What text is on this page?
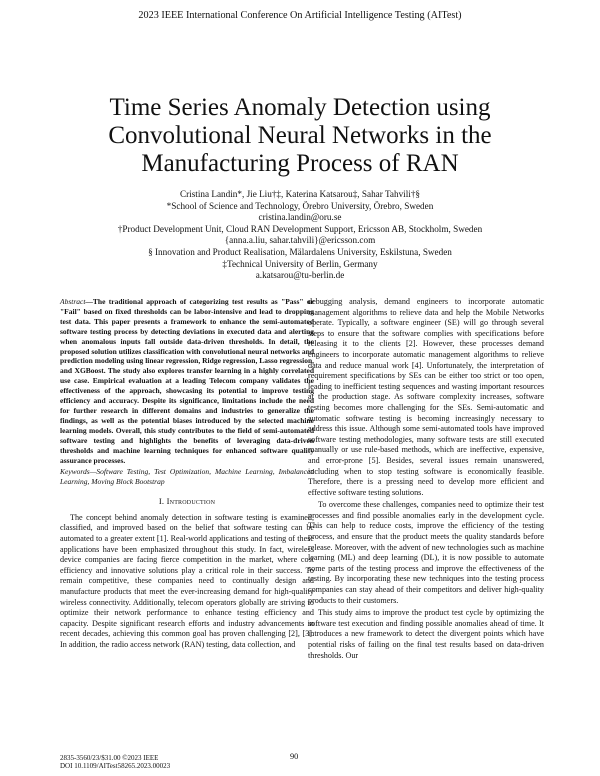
2023 IEEE International Conference On Artificial Intelligence Testing (AITest)
Time Series Anomaly Detection using Convolutional Neural Networks in the Manufacturing Process of RAN
Cristina Landin*, Jie Liu†‡, Katerina Katsarou‡, Sahar Tahvili†§
*School of Science and Technology, Örebro University, Örebro, Sweden
cristina.landin@oru.se
†Product Development Unit, Cloud RAN Development Support, Ericsson AB, Stockholm, Sweden
{anna.a.liu, sahar.tahvili}@ericsson.com
§ Innovation and Product Realisation, Mälardalens University, Eskilstuna, Sweden
‡Technical University of Berlin, Germany
a.katsarou@tu-berlin.de
Abstract—The traditional approach of categorizing test results as "Pass" or "Fail" based on fixed thresholds can be labor-intensive and lead to dropping test data. This paper presents a framework to enhance the semi-automated software testing process by detecting deviations in executed data and alerting when anomalous inputs fall outside data-driven thresholds. In detail, the proposed solution utilizes classification with convolutional neural networks and prediction modeling using linear regression, Ridge regression, Lasso regression, and XGBoost. The study also explores transfer learning in a highly correlated use case. Empirical evaluation at a leading Telecom company validates the effectiveness of the approach, showcasing its potential to improve testing efficiency and accuracy. Despite its significance, limitations include the need for further research in different domains and industries to generalize the findings, as well as the potential biases introduced by the selected machine learning models. Overall, this study contributes to the field of semi-automated software testing and highlights the benefits of leveraging data-driven thresholds and machine learning techniques for enhanced software quality assurance processes.
Keywords—Software Testing, Test Optimization, Machine Learning, Imbalanced Learning, Moving Block Bootstrap
I. Introduction

The concept behind anomaly detection in software testing is examined, classified, and improved based on the belief that software testing can be automated to a greater extent [1]. Real-world applications and testing of these applications have been emphasized throughout this study. In fact, wireless device companies are facing fierce competition in the market, where cost efficiency and innovative solutions play a critical role in their success. To remain competitive, these companies need to continually design and manufacture products that meet the ever-increasing demand for high-quality wireless connectivity. Additionally, telecom operators globally are striving to optimize their network performance to enhance testing efficiency and capacity. Despite significant research efforts and industry advancements in recent decades, achieving this common goal has proven challenging [2], [3]. In addition, the radio access network (RAN) testing, data collection, and

debugging analysis, demand engineers to incorporate automatic management algorithms to relieve data and help the Mobile Networks operate. Typically, a software engineer (SE) will go through several steps to ensure that the software complies with specifications before releasing it to the clients [2]. However, these processes demand engineers to incorporate automatic management algorithms to relieve data and reduce manual work [4]. Unfortunately, the interpretation of requirement specifications by SEs can be either too strict or too open, leading to inefficient testing sequences and wasting important resources at the production stage. As software complexity increases, software testing becomes more challenging for the SEs. Semi-automatic and automatic software testing is becoming increasingly necessary to address this issue. Although some semi-automated tools have improved software testing methodologies, many software tests are still executed manually or use rule-based methods, which are ineffective, expensive, and error-prone [5]. Besides, several issues remain unanswered, including when to stop testing software is economically feasible. Therefore, there is a pressing need to develop more efficient and effective software testing solutions.

To overcome these challenges, companies need to optimize their test processes and find possible anomalies early in the development cycle. This can help to reduce costs, improve the efficiency of the testing process, and ensure that the product meets the quality standards before release. Moreover, with the advent of new technologies such as machine learning (ML) and deep learning (DL), it is now possible to automate some parts of the testing process and improve the effectiveness of the testing. By incorporating these new techniques into the testing process companies can stay ahead of their competitors and deliver high-quality products to their customers.

This study aims to improve the product test cycle by optimizing the software test execution and finding possible anomalies ahead of time. It introduces a new framework to detect the divergent points which have potential risks of failing on the final test results based on data-driven thresholds. Our

2835-3560/23/$31.00 ©2023 IEEE
DOI 10.1109/AITest58265.2023.00023
90
